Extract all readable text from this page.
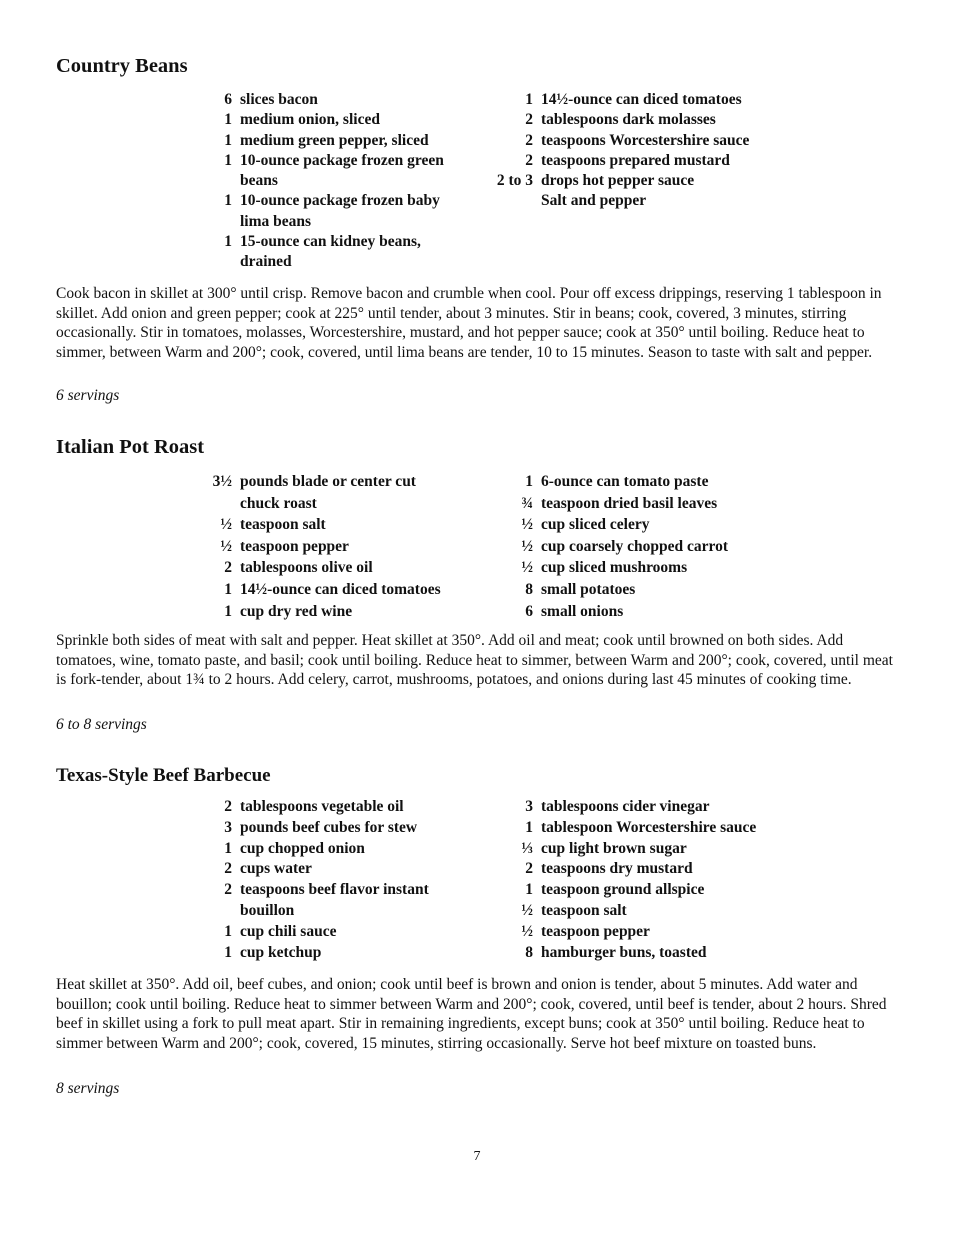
Country Beans
6 slices bacon
1 medium onion, sliced
1 medium green pepper, sliced
1 10-ounce package frozen green beans
1 10-ounce package frozen baby lima beans
1 15-ounce can kidney beans, drained
1 14½-ounce can diced tomatoes
2 tablespoons dark molasses
2 teaspoons Worcestershire sauce
2 teaspoons prepared mustard
2 to 3 drops hot pepper sauce
Salt and pepper

Cook bacon in skillet at 300° until crisp. Remove bacon and crumble when cool. Pour off excess drippings, reserving 1 tablespoon in skillet. Add onion and green pepper; cook at 225° until tender, about 3 minutes. Stir in beans; cook, covered, 3 minutes, stirring occasionally. Stir in tomatoes, molasses, Worcestershire, mustard, and hot pepper sauce; cook at 350° until boiling. Reduce heat to simmer, between Warm and 200°; cook, covered, until lima beans are tender, 10 to 15 minutes. Season to taste with salt and pepper.

6 servings

Italian Pot Roast
3½ pounds blade or center cut chuck roast
½ teaspoon salt
½ teaspoon pepper
2 tablespoons olive oil
1 14½-ounce can diced tomatoes
1 cup dry red wine
1 6-ounce can tomato paste
¾ teaspoon dried basil leaves
½ cup sliced celery
½ cup coarsely chopped carrot
½ cup sliced mushrooms
8 small potatoes
6 small onions

Sprinkle both sides of meat with salt and pepper. Heat skillet at 350°. Add oil and meat; cook until browned on both sides. Add tomatoes, wine, tomato paste, and basil; cook until boiling. Reduce heat to simmer, between Warm and 200°; cook, covered, until meat is fork-tender, about 1¾ to 2 hours. Add celery, carrot, mushrooms, potatoes, and onions during last 45 minutes of cooking time.

6 to 8 servings

Texas-Style Beef Barbecue
2 tablespoons vegetable oil
3 pounds beef cubes for stew
1 cup chopped onion
2 cups water
2 teaspoons beef flavor instant bouillon
1 cup chili sauce
1 cup ketchup
3 tablespoons cider vinegar
1 tablespoon Worcestershire sauce
⅓ cup light brown sugar
2 teaspoons dry mustard
1 teaspoon ground allspice
½ teaspoon salt
½ teaspoon pepper
8 hamburger buns, toasted

Heat skillet at 350°. Add oil, beef cubes, and onion; cook until beef is brown and onion is tender, about 5 minutes. Add water and bouillon; cook until boiling. Reduce heat to simmer between Warm and 200°; cook, covered, until beef is tender, about 2 hours. Shred beef in skillet using a fork to pull meat apart. Stir in remaining ingredients, except buns; cook at 350° until boiling. Reduce heat to simmer between Warm and 200°; cook, covered, 15 minutes, stirring occasionally. Serve hot beef mixture on toasted buns.

8 servings

7
